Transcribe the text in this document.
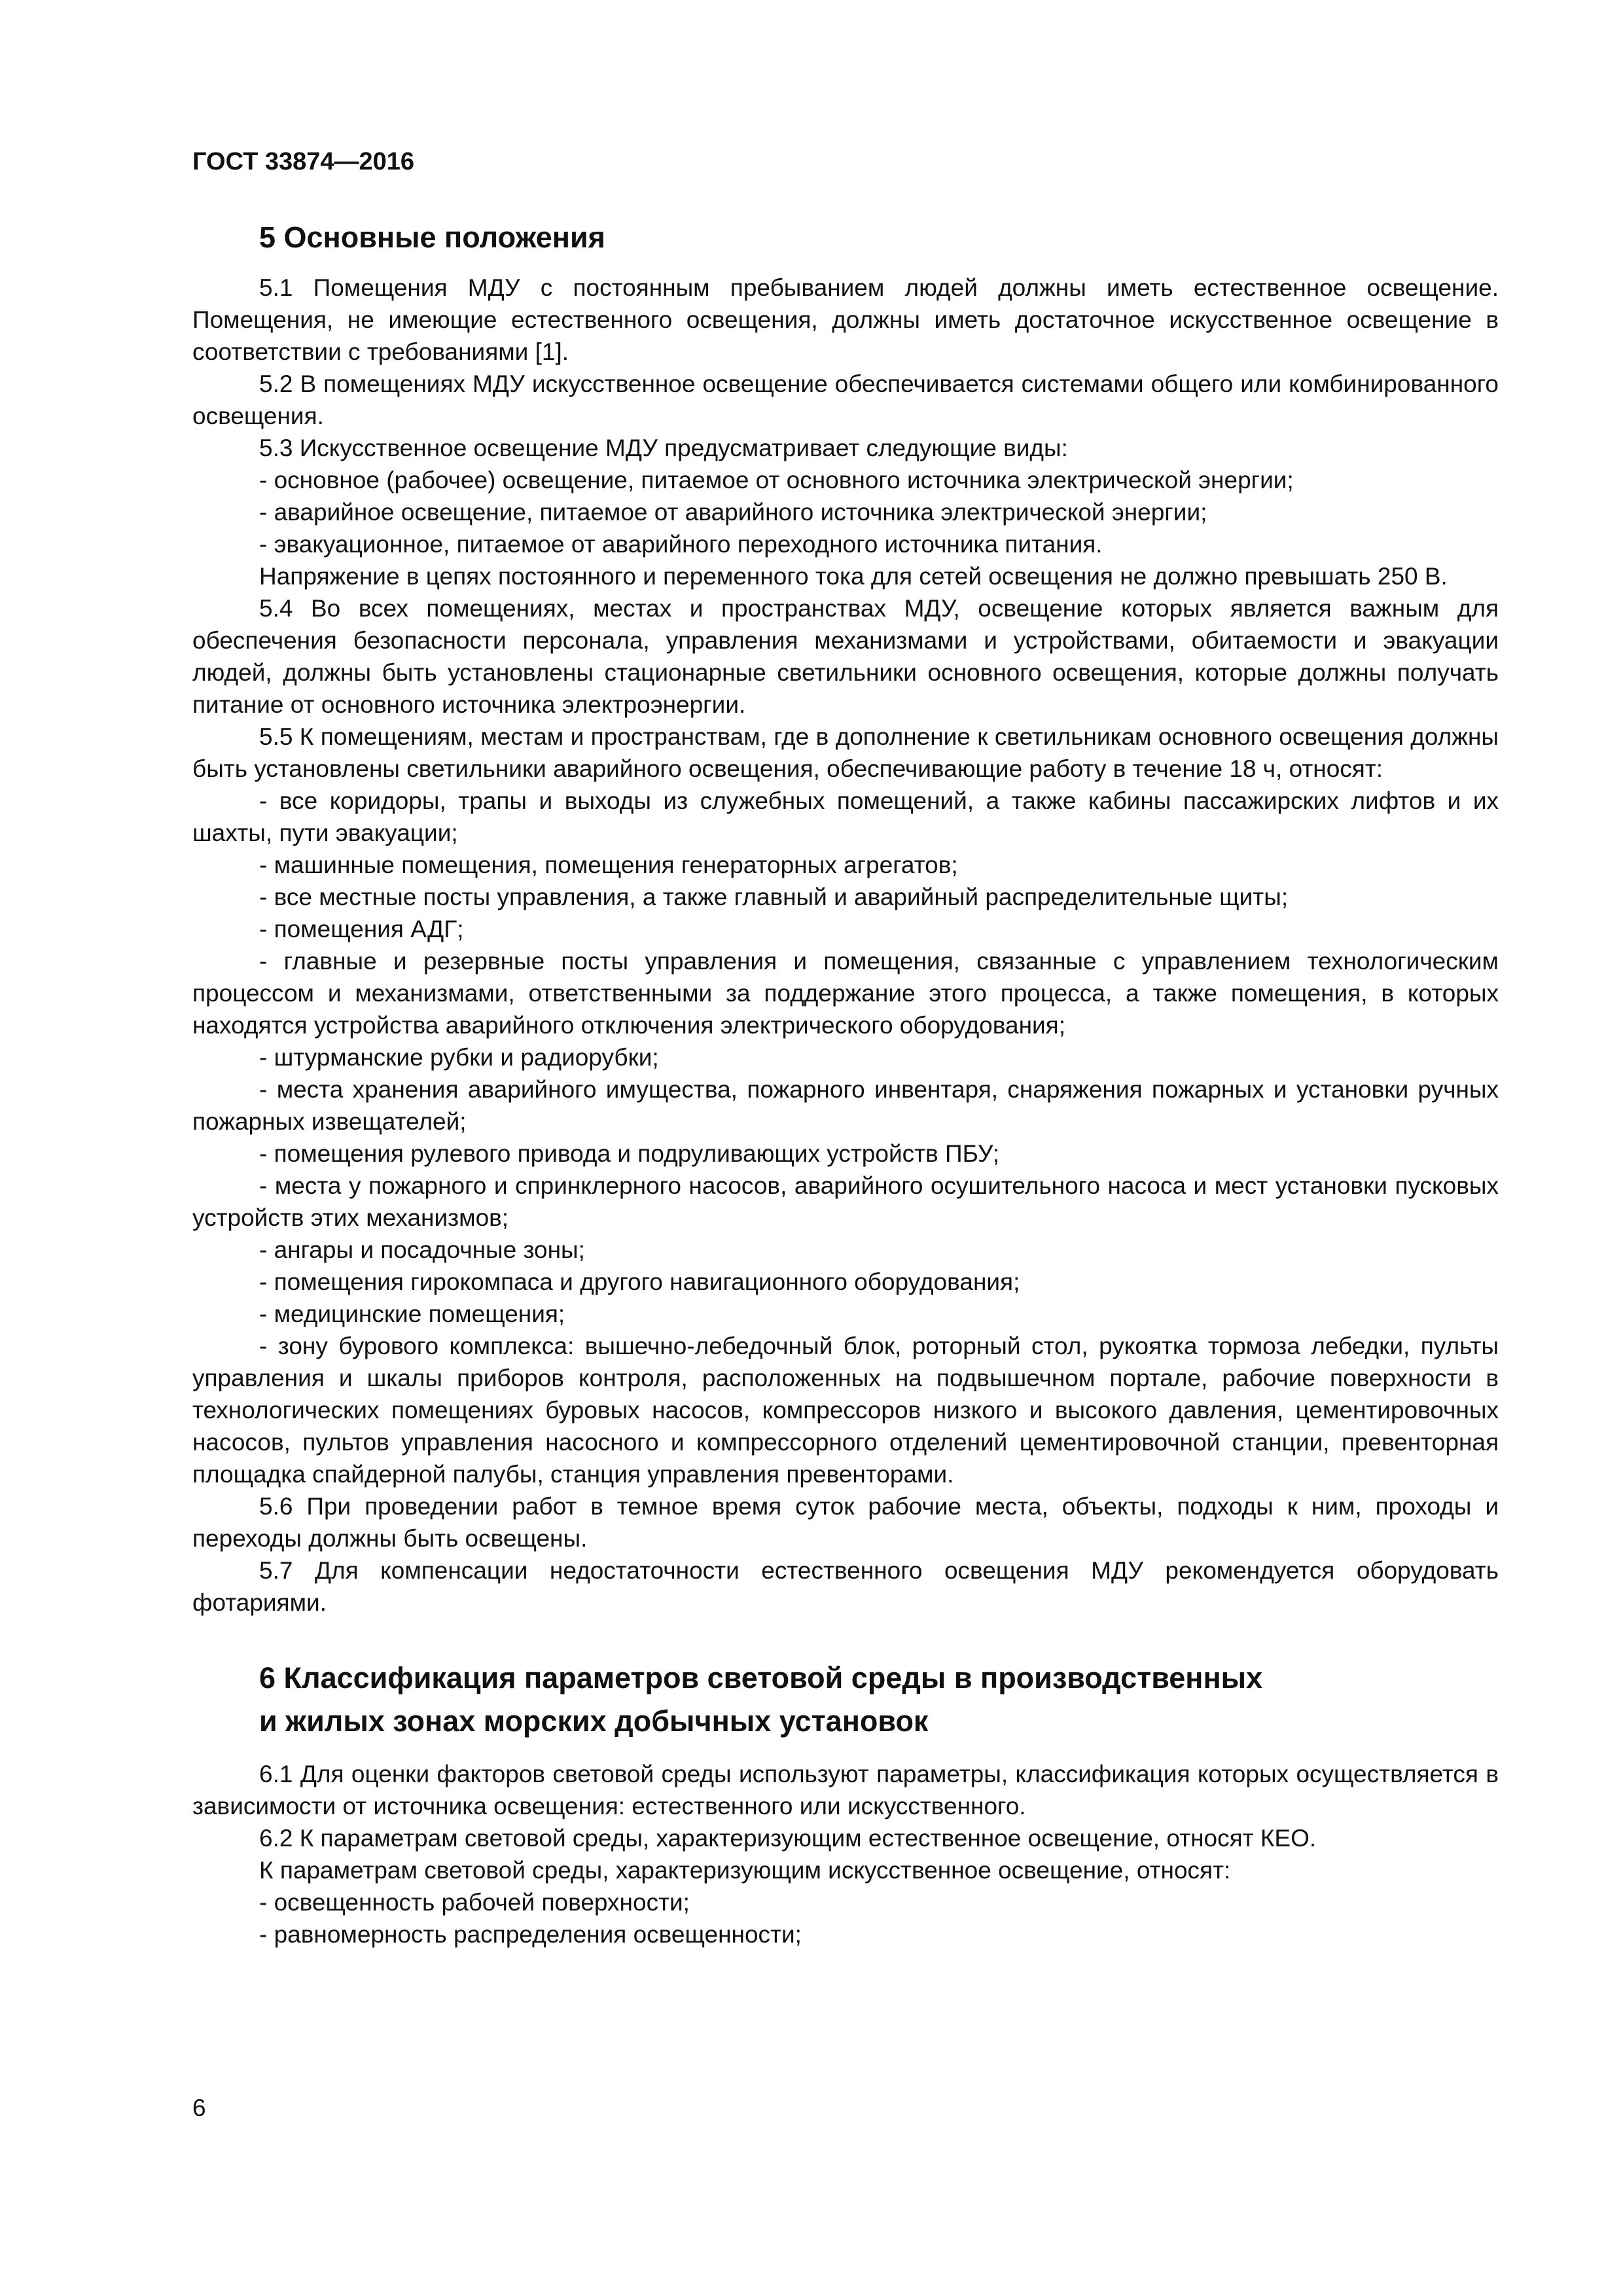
ГОСТ 33874—2016
5 Основные положения

5.1 Помещения МДУ с постоянным пребыванием людей должны иметь естественное освещение. Помещения, не имеющие естественного освещения, должны иметь достаточное искусственное освещение в соответствии с требованиями [1].

5.2 В помещениях МДУ искусственное освещение обеспечивается системами общего или комбинированного освещения.

5.3 Искусственное освещение МДУ предусматривает следующие виды:

- основное (рабочее) освещение, питаемое от основного источника электрической энергии;

- аварийное освещение, питаемое от аварийного источника электрической энергии;

- эвакуационное, питаемое от аварийного переходного источника питания.

Напряжение в цепях постоянного и переменного тока для сетей освещения не должно превышать 250 В.

5.4 Во всех помещениях, местах и пространствах МДУ, освещение которых является важным для обеспечения безопасности персонала, управления механизмами и устройствами, обитаемости и эвакуации людей, должны быть установлены стационарные светильники основного освещения, которые должны получать питание от основного источника электроэнергии.

5.5 К помещениям, местам и пространствам, где в дополнение к светильникам основного освещения должны быть установлены светильники аварийного освещения, обеспечивающие работу в течение 18 ч, относят:

- все коридоры, трапы и выходы из служебных помещений, а также кабины пассажирских лифтов и их шахты, пути эвакуации;

- машинные помещения, помещения генераторных агрегатов;

- все местные посты управления, а также главный и аварийный распределительные щиты;

- помещения АДГ;

- главные и резервные посты управления и помещения, связанные с управлением технологическим процессом и механизмами, ответственными за поддержание этого процесса, а также помещения, в которых находятся устройства аварийного отключения электрического оборудования;

- штурманские рубки и радиорубки;

- места хранения аварийного имущества, пожарного инвентаря, снаряжения пожарных и установки ручных пожарных извещателей;

- помещения рулевого привода и подруливающих устройств ПБУ;

- места у пожарного и спринклерного насосов, аварийного осушительного насоса и мест установки пусковых устройств этих механизмов;

- ангары и посадочные зоны;

- помещения гирокомпаса и другого навигационного оборудования;

- медицинские помещения;

- зону бурового комплекса: вышечно-лебедочный блок, роторный стол, рукоятка тормоза лебедки, пульты управления и шкалы приборов контроля, расположенных на подвышечном портале, рабочие поверхности в технологических помещениях буровых насосов, компрессоров низкого и высокого давления, цементировочных насосов, пультов управления насосного и компрессорного отделений цементировочной станции, превенторная площадка спайдерной палубы, станция управления превенторами.

5.6 При проведении работ в темное время суток рабочие места, объекты, подходы к ним, проходы и переходы должны быть освещены.

5.7 Для компенсации недостаточности естественного освещения МДУ рекомендуется оборудовать фотариями.

6 Классификация параметров световой среды в производственных
и жилых зонах морских добычных установок

6.1 Для оценки факторов световой среды используют параметры, классификация которых осуществляется в зависимости от источника освещения: естественного или искусственного.

6.2 К параметрам световой среды, характеризующим естественное освещение, относят КЕО.

К параметрам световой среды, характеризующим искусственное освещение, относят:

- освещенность рабочей поверхности;

- равномерность распределения освещенности;

6
